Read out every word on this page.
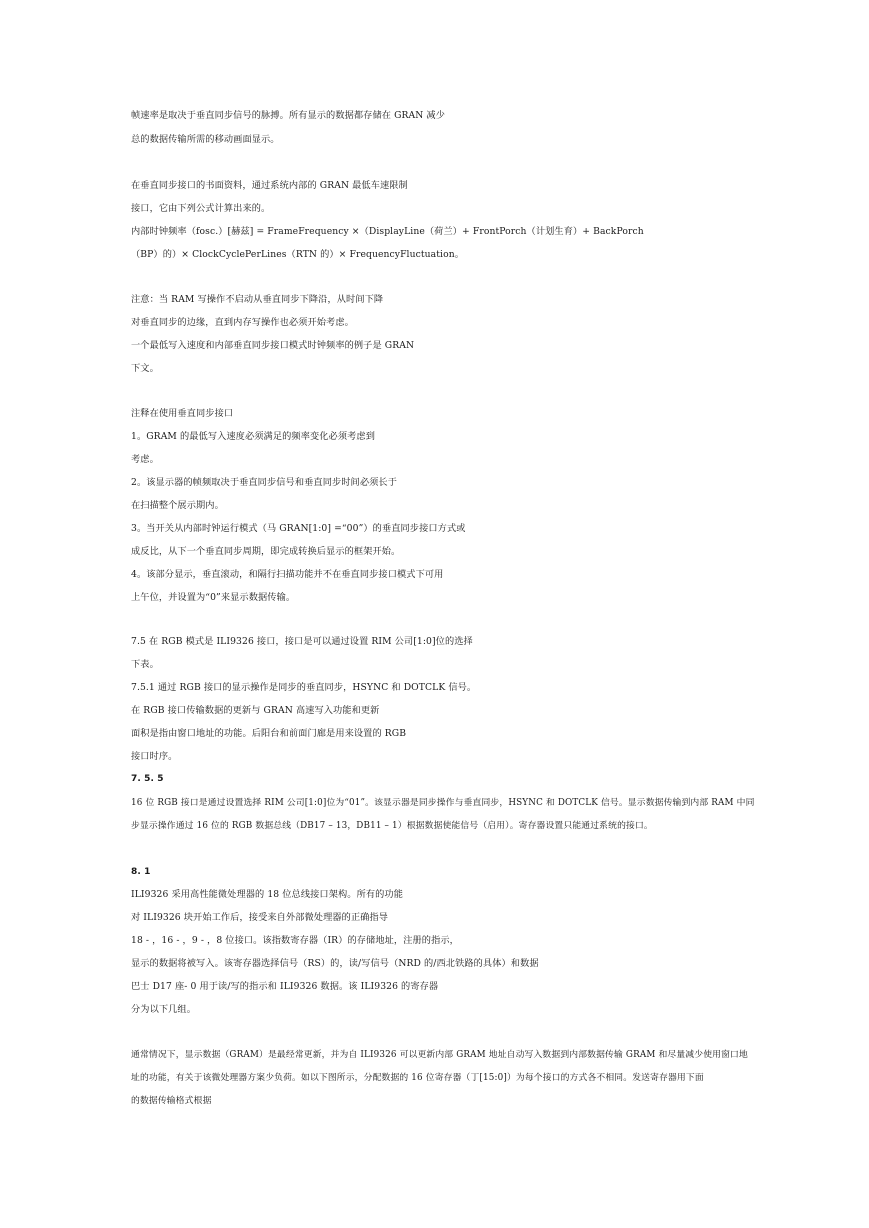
帧速率是取决于垂直同步信号的脉搏。所有显示的数据都存储在 GRAN 减少
总的数据传输所需的移动画面显示。
在垂直同步接口的书面资料，通过系统内部的 GRAN 最低车速限制
接口，它由下列公式计算出来的。
内部时钟频率（fosc.）[赫兹] = FrameFrequency ×（DisplayLine（荷兰）+ FrontPorch（计划生育）+ BackPorch
（BP）的）× ClockCyclePerLines（RTN 的）× FrequencyFluctuation。
注意：当 RAM 写操作不启动从垂直同步下降沿，从时间下降
对垂直同步的边缘，直到内存写操作也必须开始考虑。
一个最低写入速度和内部垂直同步接口模式时钟频率的例子是 GRAN
下文。
注释在使用垂直同步接口
1。GRAM 的最低写入速度必须满足的频率变化必须考虑到
考虑。
2。该显示器的帧频取决于垂直同步信号和垂直同步时间必须长于
在扫描整个展示期内。
3。当开关从内部时钟运行模式（马 GRAN[1:0] =“00”）的垂直同步接口方式或
成反比，从下一个垂直同步周期，即完成转换后显示的框架开始。
4。该部分显示，垂直滚动，和隔行扫描功能并不在垂直同步接口模式下可用
上午位，并设置为“0”来显示数据传输。
7.5 在 RGB 模式是 ILI9326 接口，接口是可以通过设置 RIM 公司[1:0]位的选择
下表。
7.5.1 通过 RGB 接口的显示操作是同步的垂直同步，HSYNC 和 DOTCLK 信号。
在 RGB 接口传输数据的更新与 GRAN 高速写入功能和更新
面积是指由窗口地址的功能。后阳台和前面门廊是用来设置的 RGB
接口时序。
7. 5. 5
16 位 RGB 接口是通过设置选择 RIM 公司[1:0]位为“01”。该显示器是同步操作与垂直同步，HSYNC 和 DOTCLK 信号。显示数据传输到内部 RAM 中同
步显示操作通过 16 位的 RGB 数据总线（DB17 – 13，DB11 – 1）根据数据使能信号（启用）。寄存器设置只能通过系统的接口。
8. 1
ILI9326 采用高性能微处理器的 18 位总线接口架构。所有的功能
对 ILI9326 块开始工作后，接受来自外部微处理器的正确指导
18 - ，16 - ，9 - ，8 位接口。该指数寄存器（IR）的存储地址，注册的指示，
显示的数据将被写入。该寄存器选择信号（RS）的，读/写信号（NRD 的/西北铁路的具体）和数据
巴士 D17 座- 0 用于读/写的指示和 ILI9326 数据。该 ILI9326 的寄存器
分为以下几组。
通常情况下，显示数据（GRAM）是最经常更新，并为自 ILI9326 可以更新内部 GRAM 地址自动写入数据到内部数据传输 GRAM 和尽量减少使用窗口地
址的功能，有关于该微处理器方案少负荷。如以下图所示，分配数据的 16 位寄存器（丁[15:0]）为每个接口的方式各不相同。发送寄存器用下面
的数据传输格式根据
